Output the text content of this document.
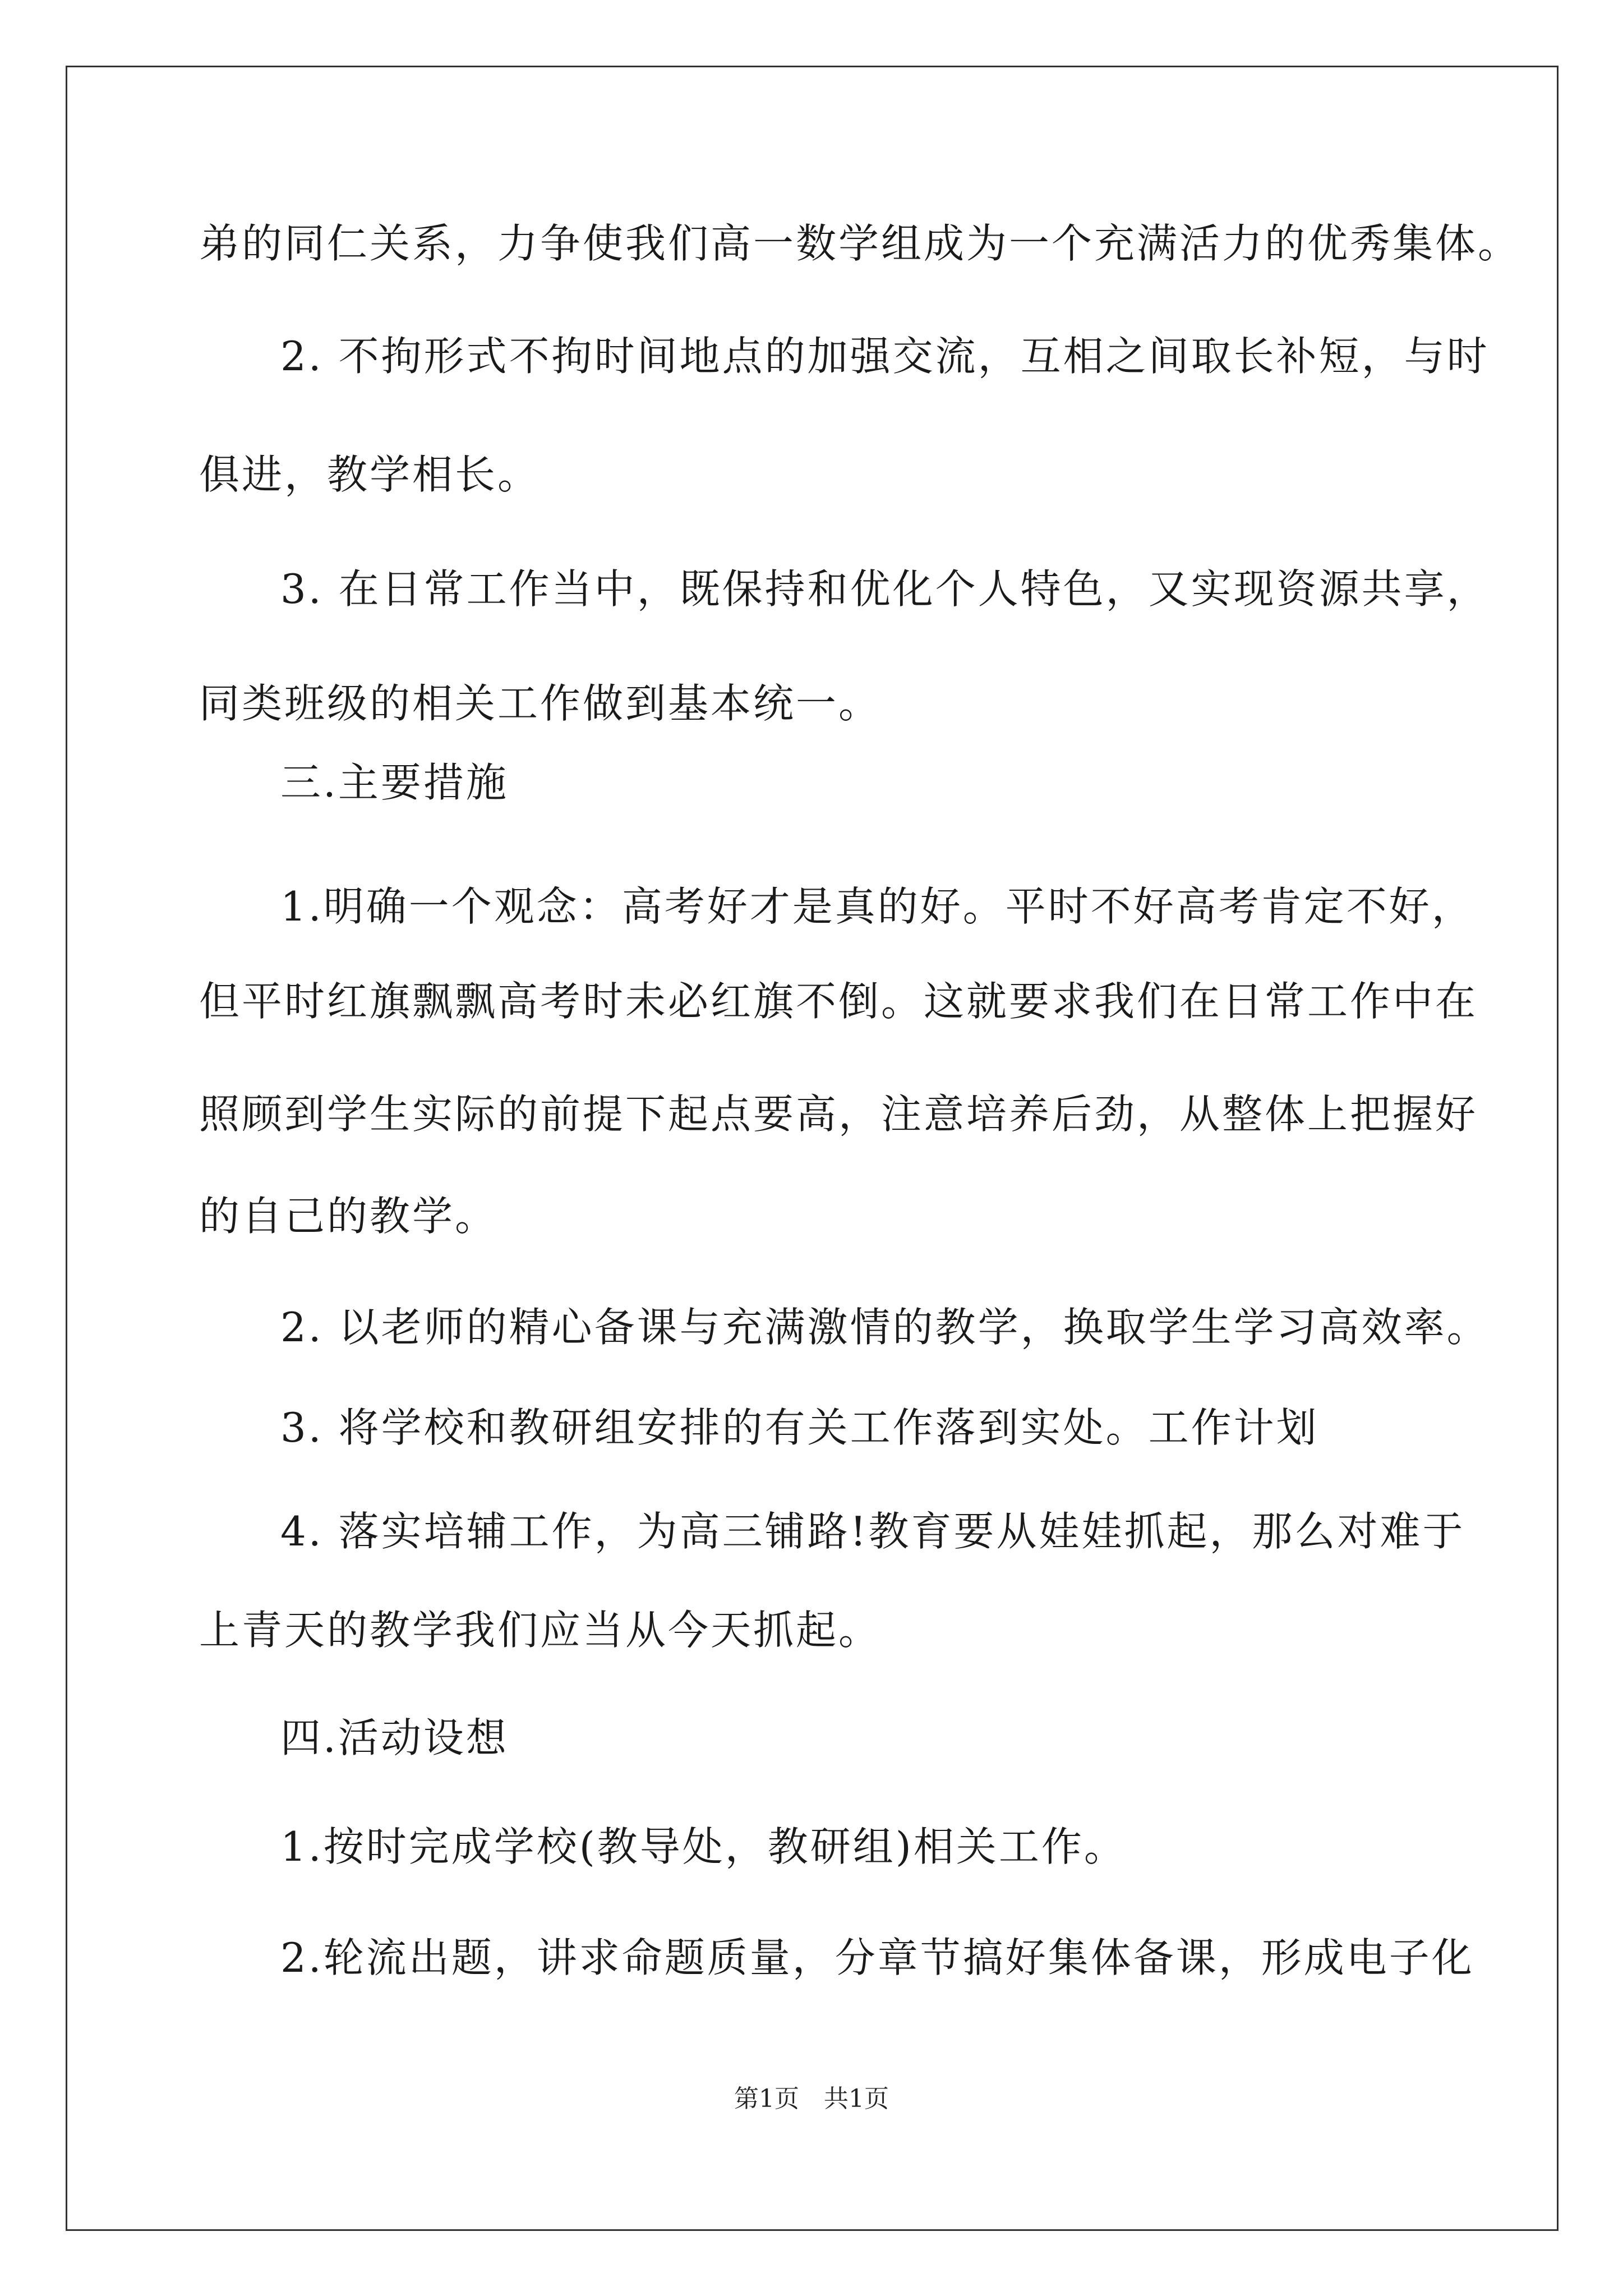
弟的同仁关系，力争使我们高一数学组成为一个充满活力的优秀集体。
2. 不拘形式不拘时间地点的加强交流，互相之间取长补短，与时
俱进，教学相长。
3. 在日常工作当中，既保持和优化个人特色，又实现资源共享，
同类班级的相关工作做到基本统一。
三.主要措施
1.明确一个观念：高考好才是真的好。平时不好高考肯定不好，
但平时红旗飘飘高考时未必红旗不倒。这就要求我们在日常工作中在
照顾到学生实际的前提下起点要高，注意培养后劲，从整体上把握好
的自己的教学。
2. 以老师的精心备课与充满激情的教学，换取学生学习高效率。
3. 将学校和教研组安排的有关工作落到实处。工作计划
4. 落实培辅工作，为高三铺路!教育要从娃娃抓起，那么对难于
上青天的教学我们应当从今天抓起。
四.活动设想
1.按时完成学校(教导处，教研组)相关工作。
2.轮流出题，讲求命题质量，分章节搞好集体备课，形成电子化
第1页　共1页
